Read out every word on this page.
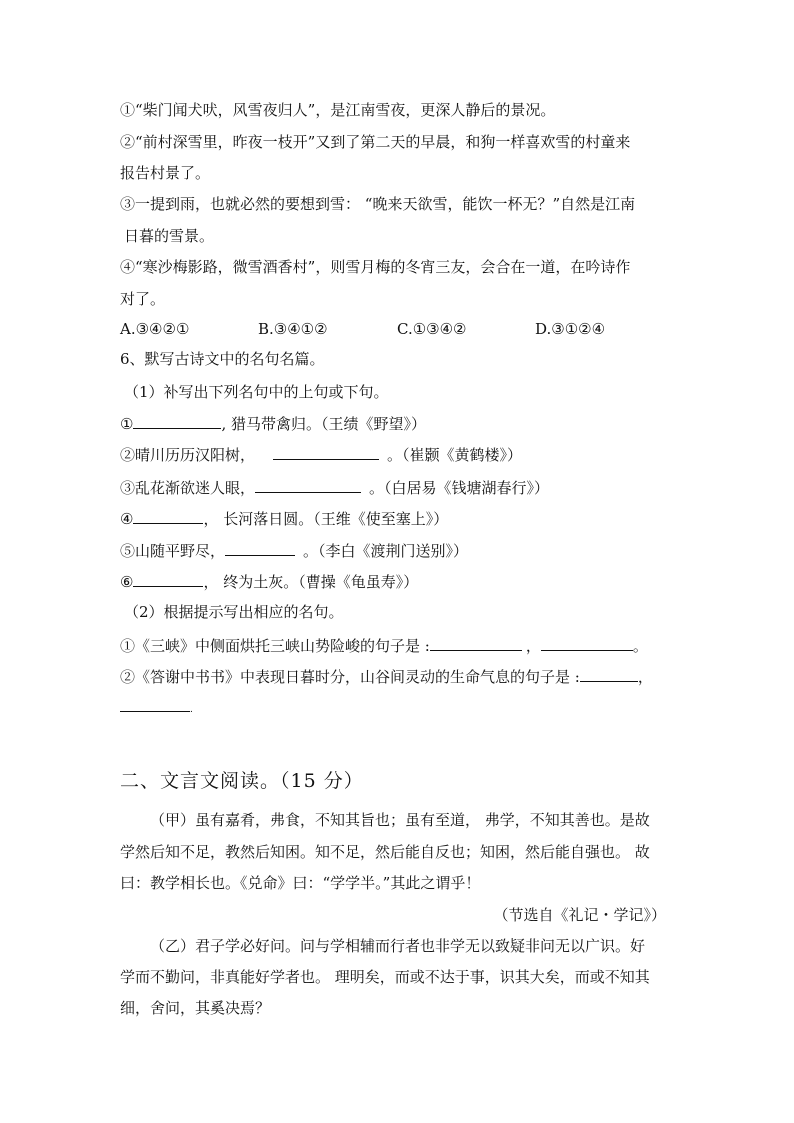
①“柴门闻犬吠，风雪夜归人”，是江南雪夜，更深人静后的景况。
②“前村深雪里，昨夜一枝开”又到了第二天的早晨，和狗一样喜欢雪的村童来
报告村景了。
③一提到雨，也就必然的要想到雪： “晚来天欲雪，能饮一杯无？”自然是江南
日暮的雪景。
④“寒沙梅影路，微雪酒香村”，则雪月梅的冬宵三友，会合在一道，在吟诗作
对了。
A.③④②①	B.③④①②	C.①③④②	D.③①②④
6、默写古诗文中的名句名篇。
（1）补写出下列名句中的上句或下句。
①	, 猎马带禽归。（王绩《野望》）
②晴川历历汉阳树，	。（崔颢《黄鹤楼》）
③乱花渐欲迷人眼，	。（白居易《钱塘湖春行》）
④	， 长河落日圆。（王维《使至塞上》）
⑤山随平野尽，	。（李白《渡荆门送别》）
⑥	， 终为土灰。（曹操《龟虽寿》）
（2）根据提示写出相应的名句。
①《三峡》中侧面烘托三峡山势险峻的句子是 :	，	。
②《答谢中书书》中表现日暮时分，山谷间灵动的生命气息的句子是 :	，
.
二、文言文阅读。（15 分）
（甲）虽有嘉肴，弗食，不知其旨也；虽有至道， 弗学，不知其善也。是故
学然后知不足，教然后知困。知不足，然后能自反也；知困，然后能自强也。 故
曰：教学相长也。《兑命》曰：“学学半。”其此之谓乎！
（节选自《礼记・学记》）
（乙）君子学必好问。问与学相辅而行者也非学无以致疑非问无以广识。好
学而不勤问，非真能好学者也。 理明矣，而或不达于事，识其大矣，而或不知其
细，舍问，其奚决焉？
